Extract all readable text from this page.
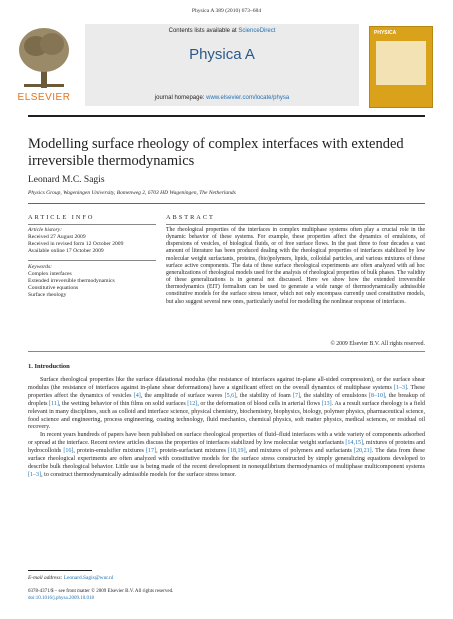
Physica A 389 (2010) 673–684
ELSEVIER
Contents lists available at ScienceDirect
Physica A
journal homepage: www.elsevier.com/locate/physa
PHYSICA
Modelling surface rheology of complex interfaces with extended irreversible thermodynamics
Leonard M.C. Sagis
Physics Group, Wageningen University, Bomenweg 2, 6703 HD Wageningen, The Netherlands
ARTICLE INFO	ABSTRACT
Article history:
Received 27 August 2009
Received in revised form 12 October 2009
Available online 17 October 2009
Keywords:
Complex interfaces
Extended irreversible thermodynamics
Constitutive equations
Surface rheology
The rheological properties of the interfaces in complex multiphase systems often play a crucial role in the dynamic behavior of these systems. For example, these properties affect the dynamics of emulsions, of dispersions of vesicles, of biological fluids, or of free surface flows. In the past three to four decades a vast amount of literature has been produced dealing with the rheological properties of interfaces stabilized by low molecular weight surfactants, proteins, (bio)polymers, lipids, colloidal particles, and various mixtures of these surface active components. The data of these surface rheological experiments are often analyzed with ad hoc generalizations of rheological models used for the analysis of rheological properties of bulk phases. The validity of these generalizations is in general not discussed. Here we show how the extended irreversible thermodynamics (EIT) formalism can be used to generate a wide range of thermodynamically admissible constitutive models for the surface stress tensor, which not only encompass currently used constitutive models, but also suggest several new ones, particularly useful for modelling the nonlinear response of interfaces.
© 2009 Elsevier B.V. All rights reserved.
1. Introduction

Surface rheological properties like the surface dilatational modulus (the resistance of interfaces against in-plane all-sided compression), or the surface shear modulus (the resistance of interfaces against in-plane shear deformations) have a significant effect on the overall dynamics of multiphase systems [1–3]. These properties affect the dynamics of vesicles [4], the amplitude of surface waves [5,6], the stability of foam [7], the stability of emulsions [8–10], the breakup of droplets [11], the wetting behavior of thin films on solid surfaces [12], or the deformation of blood cells in arterial flows [13]. As a result surface rheology is a field relevant in many disciplines, such as colloid and interface science, physical chemistry, biochemistry, biophysics, biology, polymer physics, pharmaceutical science, food science and engineering, process engineering, coating technology, fluid mechanics, chemical physics, soft matter physics, medical sciences, or residual oil recovery.

In recent years hundreds of papers have been published on surface rheological properties of fluid–fluid interfaces with a wide variety of components adsorbed or spread at the interface. Recent review articles discuss the properties of interfaces stabilized by low molecular weight surfactants [14,15], mixtures of proteins and hydrocolloids [16], protein-emulsifier mixtures [17], protein-surfactant mixtures [18,19], and mixtures of polymers and surfactants [20,21]. The data from these surface rheological experiments are often analyzed with constitutive models for the surface stress constructed by simply generalizing equations developed to describe bulk rheological behavior. Little use is being made of the recent development in nonequilibrium thermodynamics of multiphase multicomponent systems [1–3], to construct thermodynamically admissible models for the surface stress tensor.

E-mail address: Leonard.Sagis@wur.nl
0378-4371/$ – see front matter © 2009 Elsevier B.V. All rights reserved.
doi:10.1016/j.physa.2009.10.018
